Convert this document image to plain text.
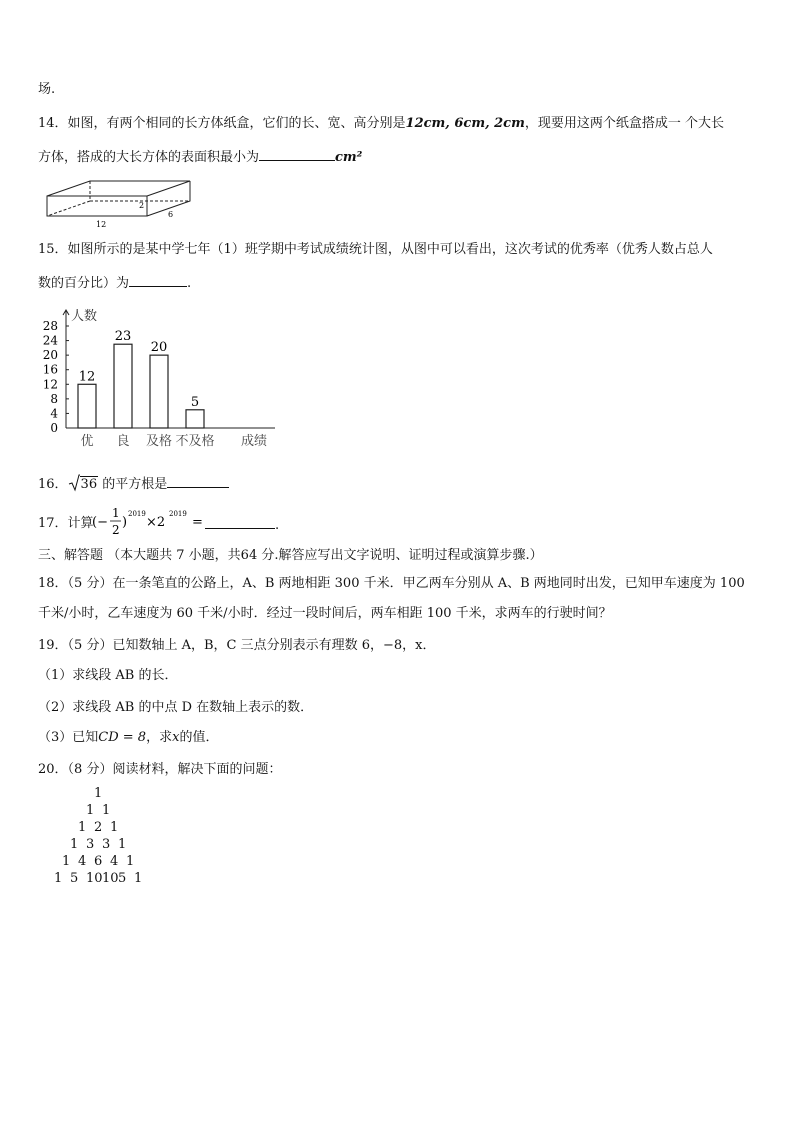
场.
14．如图，有两个相同的长方体纸盒，它们的长、宽、高分别是12cm, 6cm, 2cm，现要用这两个纸盒搭成一 个大长
方体，搭成的大长方体的表面积最小为	cm²
12
2
6
15．如图所示的是某中学七年（1）班学期中考试成绩统计图，从图中可以看出，这次考试的优秀率（优秀人数占总人
数的百分比）为	.
人数
0
4
8
12
16
20
24
28
12
优
23
良
20
及格
5
不及格 成绩
16． 36 的平方根是
17．计算
(−
1
2 )
2019
×2
2019
=	.
三、解答题 （本大题共 7 小题，共64 分.解答应写出文字说明、证明过程或演算步骤.）
18．（5 分）在一条笔直的公路上，A、B 两地相距 300 千米．甲乙两车分别从 A、B 两地同时出发，已知甲车速度为 100
千米/小时，乙车速度为 60 千米/小时．经过一段时间后，两车相距 100 千米，求两车的行驶时间？
19．（5 分）已知数轴上 A，B，C 三点分别表示有理数 6，−8，x．
（1）求线段 AB 的长．
（2）求线段 AB 的中点 D 在数轴上表示的数．
（3）已知CD = 8，求x的值．
20．（8 分）阅读材料，解决下面的问题：
1
1 1
1 2 1
1 3 3 1
1 4 6 4 1
1 5 10 10 5 1
